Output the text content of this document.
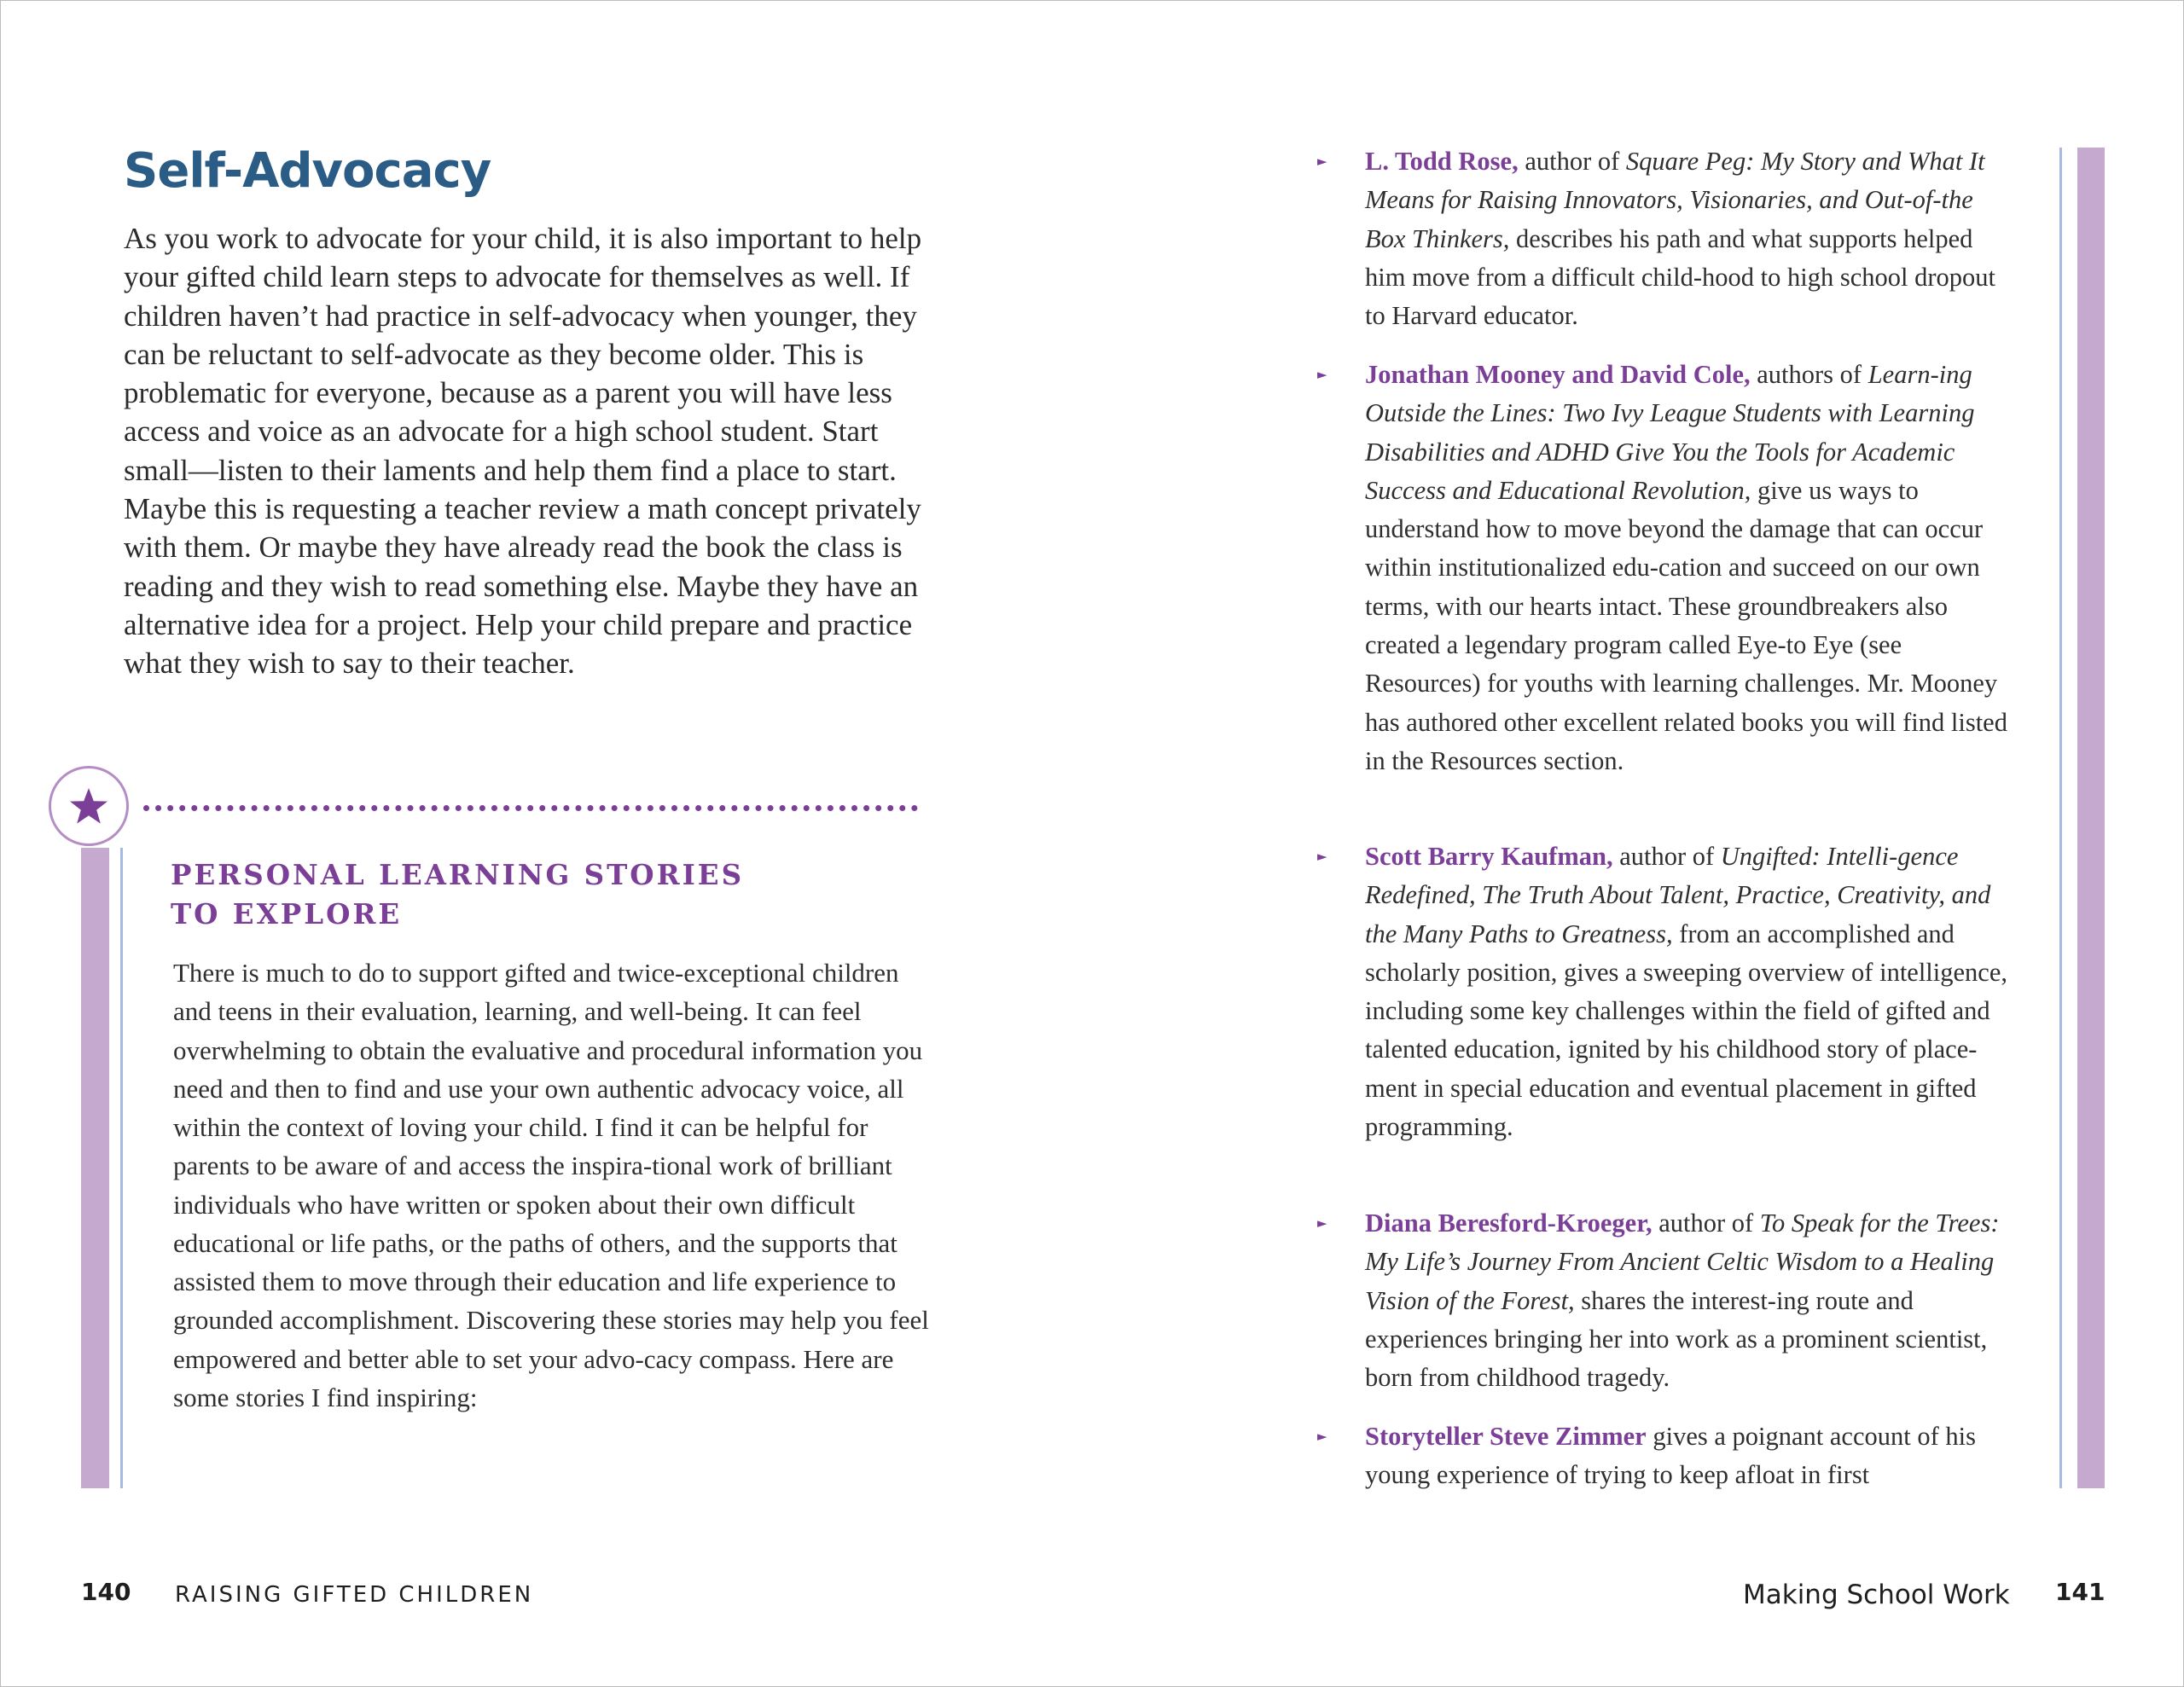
Self-Advocacy

As you work to advocate for your child, it is also important to help your gifted child learn steps to advocate for themselves as well. If children haven’t had practice in self-advocacy when younger, they can be reluctant to self-advocate as they become older. This is problematic for everyone, because as a parent you will have less access and voice as an advocate for a high school student. Start small—listen to their laments and help them find a place to start. Maybe this is requesting a teacher review a math concept privately with them. Or maybe they have already read the book the class is reading and they wish to read something else. Maybe they have an alternative idea for a project. Help your child prepare and practice what they wish to say to their teacher.

PERSONAL LEARNING STORIES
TO EXPLORE

There is much to do to support gifted and twice-exceptional children and teens in their evaluation, learning, and well-being. It can feel overwhelming to obtain the evaluative and procedural information you need and then to find and use your own authentic advocacy voice, all within the context of loving your child. I find it can be helpful for parents to be aware of and access the inspira-tional work of brilliant individuals who have written or spoken about their own difficult educational or life paths, or the paths of others, and the supports that assisted them to move through their education and life experience to grounded accomplishment. Discovering these stories may help you feel empowered and better able to set your advo-cacy compass. Here are some stories I find inspiring:

140 RAISING GIFTED CHILDREN
► L. Todd Rose, author of Square Peg: My Story and What It Means for Raising Innovators, Visionaries, and Out-of-the Box Thinkers, describes his path and what supports helped him move from a difficult child-hood to high school dropout to Harvard educator.
► Jonathan Mooney and David Cole, authors of Learn-ing Outside the Lines: Two Ivy League Students with Learning Disabilities and ADHD Give You the Tools for Academic Success and Educational Revolution, give us ways to understand how to move beyond the damage that can occur within institutionalized edu-cation and succeed on our own terms, with our hearts intact. These groundbreakers also created a legendary program called Eye-to Eye (see Resources) for youths with learning challenges. Mr. Mooney has authored other excellent related books you will find listed in the Resources section.
► Scott Barry Kaufman, author of Ungifted: Intelli-gence Redefined, The Truth About Talent, Practice, Creativity, and the Many Paths to Greatness, from an accomplished and scholarly position, gives a sweeping overview of intelligence, including some key challenges within the field of gifted and talented education, ignited by his childhood story of place-ment in special education and eventual placement in gifted programming.
► Diana Beresford-Kroeger, author of To Speak for the Trees: My Life’s Journey From Ancient Celtic Wisdom to a Healing Vision of the Forest, shares the interest-ing route and experiences bringing her into work as a prominent scientist, born from childhood tragedy.
► Storyteller Steve Zimmer gives a poignant account of his young experience of trying to keep afloat in first
Making School Work 141
